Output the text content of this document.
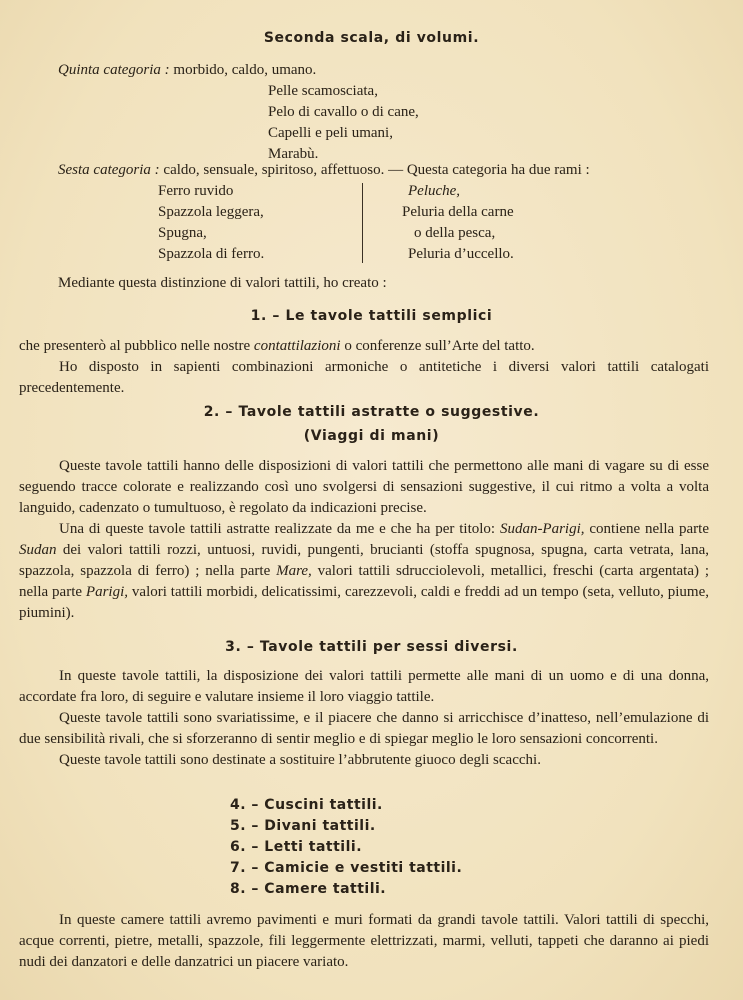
Seconda scala, di volumi.
Quinta categoria : morbido, caldo, umano.
Pelle scamosciata,
Pelo di cavallo o di cane,
Capelli e peli umani,
Marabù.
Sesta categoria : caldo, sensuale, spiritoso, affettuoso. — Questa categoria ha due rami :
Ferro ruvido
Spazzola leggera,
Spugna,
Spazzola di ferro.
Peluche,
Peluria della carne
o della pesca,
Peluria d’uccello.
Mediante questa distinzione di valori tattili, ho creato :
1. – Le tavole tattili semplici

che presenterò al pubblico nelle nostre contattilazioni o conferenze sull’Arte del tatto.

Ho disposto in sapienti combinazioni armoniche o antitetiche i diversi valori tattili catalogati precedentemente.

2. – Tavole tattili astratte o suggestive.
(Viaggi di mani)

Queste tavole tattili hanno delle disposizioni di valori tattili che permettono alle mani di vagare su di esse seguendo tracce colorate e realizzando così uno svolgersi di sensazioni suggestive, il cui ritmo a volta a volta languido, cadenzato o tumultuoso, è regolato da indicazioni precise.

Una di queste tavole tattili astratte realizzate da me e che ha per titolo: Sudan-Parigi, contiene nella parte Sudan dei valori tattili rozzi, untuosi, ruvidi, pungenti, brucianti (stoffa spugnosa, spugna, carta vetrata, lana, spazzola, spazzola di ferro) ; nella parte Mare, valori tattili sdrucciolevoli, metallici, freschi (carta argentata) ; nella parte Parigi, valori tattili morbidi, delicatissimi, carezzevoli, caldi e freddi ad un tempo (seta, velluto, piume, piumini).

3. – Tavole tattili per sessi diversi.

In queste tavole tattili, la disposizione dei valori tattili permette alle mani di un uomo e di una donna, accordate fra loro, di seguire e valutare insieme il loro viaggio tattile.

Queste tavole tattili sono svariatissime, e il piacere che danno si arricchisce d’inatteso, nell’emulazione di due sensibilità rivali, che si sforzeranno di sentir meglio e di spiegar meglio le loro sensazioni concorrenti.

Queste tavole tattili sono destinate a sostituire l’abbrutente giuoco degli scacchi.

4. – Cuscini tattili.
5. – Divani tattili.
6. – Letti tattili.
7. – Camicie e vestiti tattili.
8. – Camere tattili.

In queste camere tattili avremo pavimenti e muri formati da grandi tavole tattili. Valori tattili di specchi, acque correnti, pietre, metalli, spazzole, fili leggermente elettrizzati, marmi, velluti, tappeti che daranno ai piedi nudi dei danzatori e delle danzatrici un piacere variato.
